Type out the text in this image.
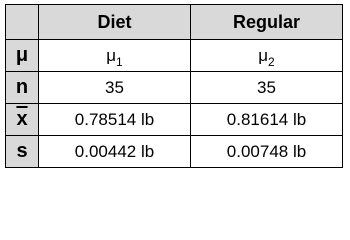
	Diet	Regular
μ	$\mu_1$	$\mu_2$
n	35	35
$\overline{x}$	0.78514 lb	0.81614 lb
s	0.00442 lb	0.00748 lb
